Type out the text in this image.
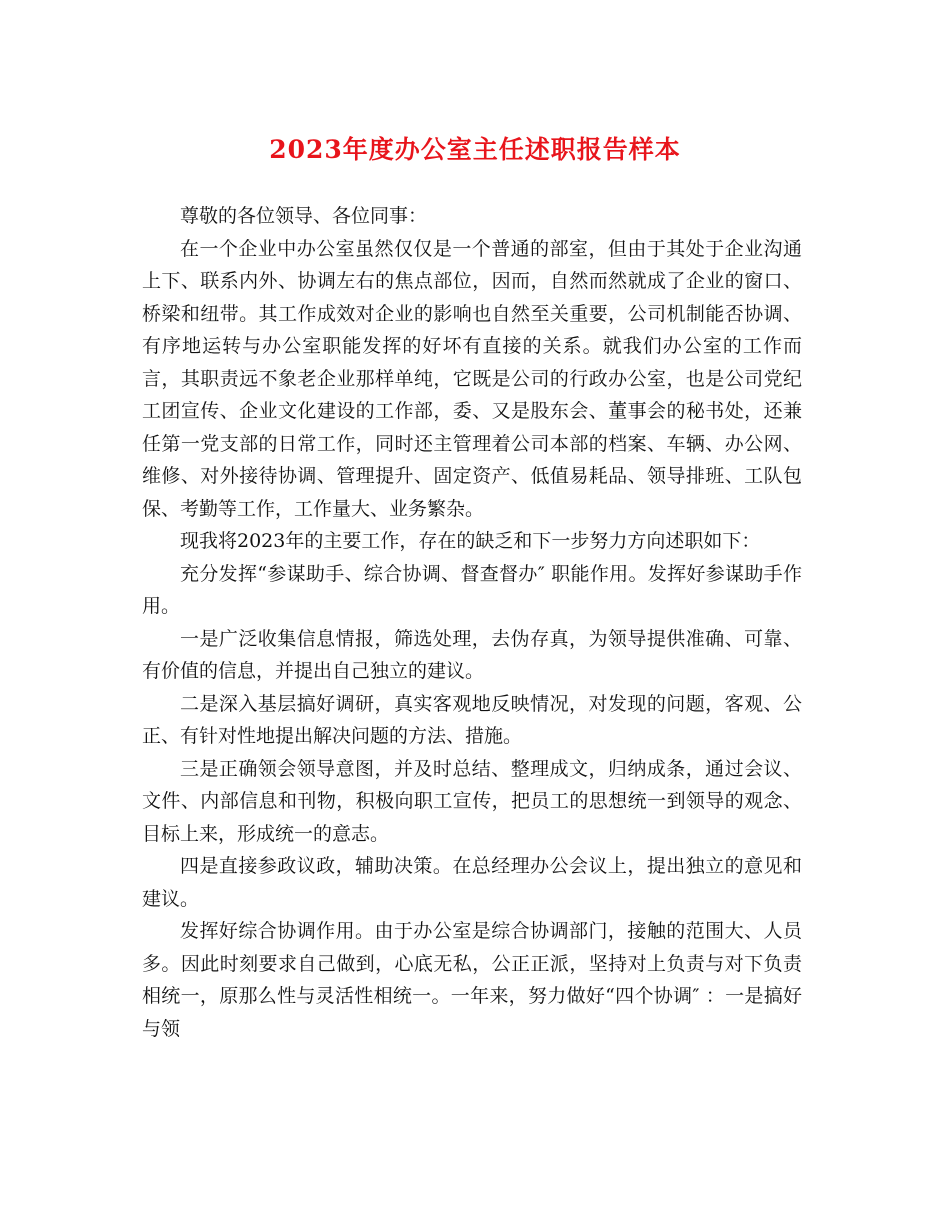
2023年度办公室主任述职报告样本

尊敬的各位领导、各位同事：

在一个企业中办公室虽然仅仅是一个普通的部室，但由于其处于企业沟通上下、联系内外、协调左右的焦点部位，因而，自然而然就成了企业的窗口、桥梁和纽带。其工作成效对企业的影响也自然至关重要，公司机制能否协调、有序地运转与办公室职能发挥的好坏有直接的关系。就我们办公室的工作而言，其职责远不象老企业那样单纯，它既是公司的行政办公室，也是公司党纪工团宣传、企业文化建设的工作部，委、又是股东会、董事会的秘书处，还兼任第一党支部的日常工作，同时还主管理着公司本部的档案、车辆、办公网、维修、对外接待协调、管理提升、固定资产、低值易耗品、领导排班、工队包保、考勤等工作，工作量大、业务繁杂。

现我将2023年的主要工作，存在的缺乏和下一步努力方向述职如下：

充分发挥“参谋助手、综合协调、督查督办″ 职能作用。发挥好参谋助手作用。

一是广泛收集信息情报，筛选处理，去伪存真，为领导提供准确、可靠、有价值的信息，并提出自己独立的建议。

二是深入基层搞好调研，真实客观地反映情况，对发现的问题，客观、公正、有针对性地提出解决问题的方法、措施。

三是正确领会领导意图，并及时总结、整理成文，归纳成条，通过会议、文件、内部信息和刊物，积极向职工宣传，把员工的思想统一到领导的观念、目标上来，形成统一的意志。

四是直接参政议政，辅助决策。在总经理办公会议上，提出独立的意见和建议。

发挥好综合协调作用。由于办公室是综合协调部门，接触的范围大、人员多。因此时刻要求自己做到，心底无私，公正正派，坚持对上负责与对下负责相统一，原那么性与灵活性相统一。一年来，努力做好“四个协调″ ：一是搞好与领
